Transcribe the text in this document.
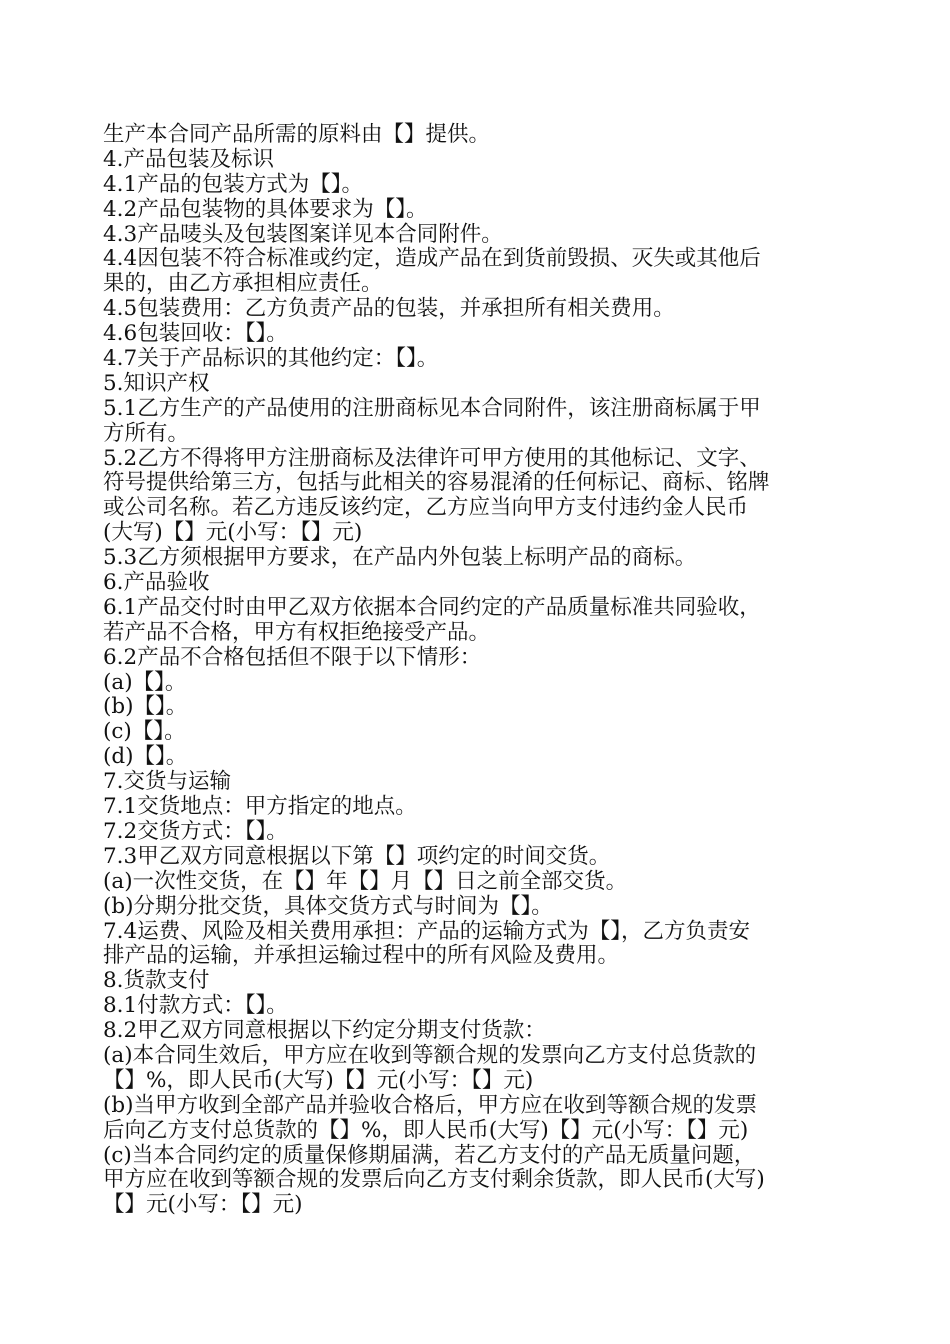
生产本合同产品所需的原料由【】提供。
4.产品包装及标识
4.1产品的包装方式为【】。
4.2产品包装物的具体要求为【】。
4.3产品唛头及包装图案详见本合同附件。
4.4因包装不符合标准或约定，造成产品在到货前毁损、灭失或其他后
果的，由乙方承担相应责任。
4.5包装费用：乙方负责产品的包装，并承担所有相关费用。
4.6包装回收：【】。
4.7关于产品标识的其他约定：【】。
5.知识产权
5.1乙方生产的产品使用的注册商标见本合同附件，该注册商标属于甲
方所有。
5.2乙方不得将甲方注册商标及法律许可甲方使用的其他标记、文字、
符号提供给第三方，包括与此相关的容易混淆的任何标记、商标、铭牌
或公司名称。若乙方违反该约定，乙方应当向甲方支付违约金人民币
(大写)【】元(小写：【】元)
5.3乙方须根据甲方要求，在产品内外包装上标明产品的商标。
6.产品验收
6.1产品交付时由甲乙双方依据本合同约定的产品质量标准共同验收，
若产品不合格，甲方有权拒绝接受产品。
6.2产品不合格包括但不限于以下情形：
(a)【】。
(b)【】。
(c)【】。
(d)【】。
7.交货与运输
7.1交货地点：甲方指定的地点。
7.2交货方式：【】。
7.3甲乙双方同意根据以下第【】项约定的时间交货。
(a)一次性交货，在【】年【】月【】日之前全部交货。
(b)分期分批交货，具体交货方式与时间为【】。
7.4运费、风险及相关费用承担：产品的运输方式为【】，乙方负责安
排产品的运输，并承担运输过程中的所有风险及费用。
8.货款支付
8.1付款方式：【】。
8.2甲乙双方同意根据以下约定分期支付货款：
(a)本合同生效后，甲方应在收到等额合规的发票向乙方支付总货款的
【】%，即人民币(大写)【】元(小写：【】元)
(b)当甲方收到全部产品并验收合格后，甲方应在收到等额合规的发票
后向乙方支付总货款的【】%，即人民币(大写)【】元(小写：【】元)
(c)当本合同约定的质量保修期届满，若乙方支付的产品无质量问题，
甲方应在收到等额合规的发票后向乙方支付剩余货款，即人民币(大写)
【】元(小写：【】元)
